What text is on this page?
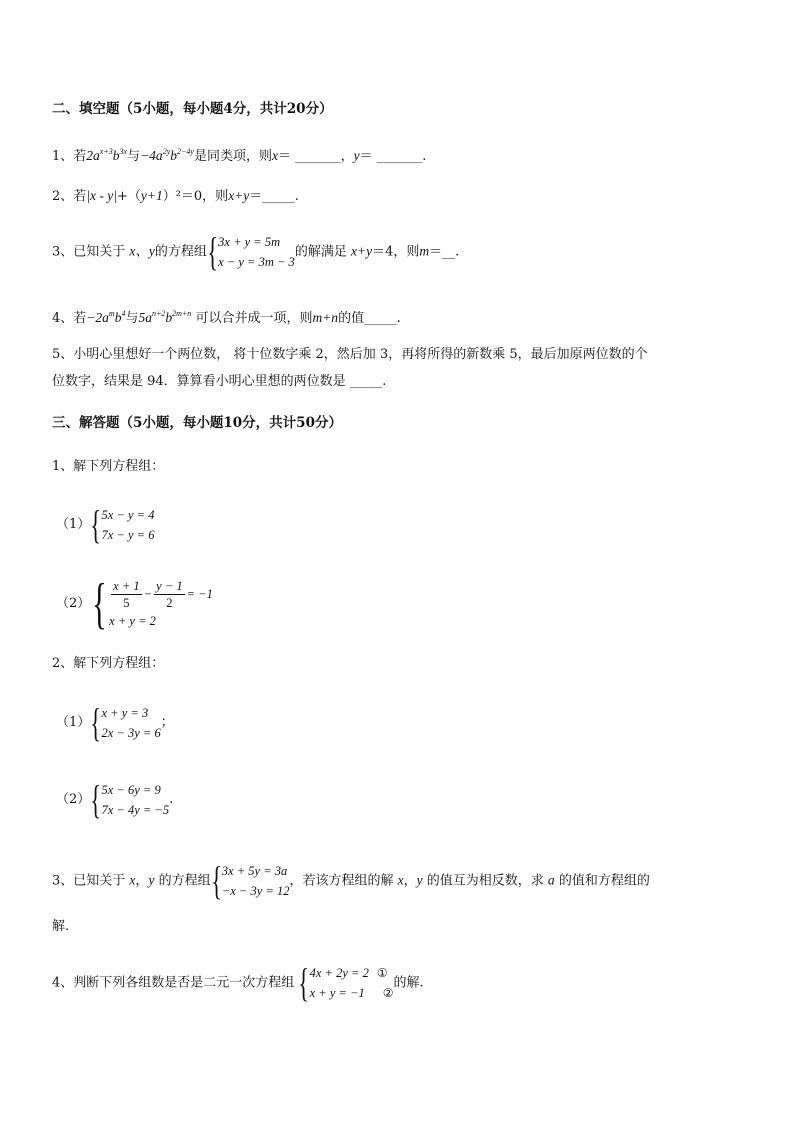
二、填空题（5小题，每小题4分，共计20分）
1、若$2a^{x+3}b^{3x}$与$-4a^{2y}b^{2-4y}$是同类项，则x＝ _______，y＝ _______.
2、若|x - y|+（y+1）²＝0，则x+y＝_____.
3、已知关于 x、y的方程组 { 3x + y = 5m
x − y = 3m − 3
的解满足 x+y＝4，则m＝__.
4、若$-2a^mb^4$与$5a^{n+2}b^{2m+n}$ 可以合并成一项，则m+n的值_____.
5、小明心里想好一个两位数， 将十位数字乘 2，然后加 3，再将所得的新数乘 5，最后加原两位数的个
位数字，结果是 94．算算看小明心里想的两位数是 _____.
三、解答题（5小题，每小题10分，共计50分）
1、解下列方程组：
（1） { 5x − y = 4
7x − y = 6
（2） { $\frac{x + 1}{5} - \frac{y - 1}{2} = -1$
x + y = 2
2、解下列方程组：
（1） { x + y = 3
2x − 3y = 6
；
（2） { 5x − 6y = 9
7x − 4y = −5
.
3、已知关于 x，y 的方程组 { 3x + 5y = 3a
−x − 3y = 12
，若该方程组的解 x，y 的值互为相反数，求 a 的值和方程组的
解.
4、判断下列各组数是否是二元一次方程组 { 4x + 2y = 2 ①
x + y = −1 ②
的解.
